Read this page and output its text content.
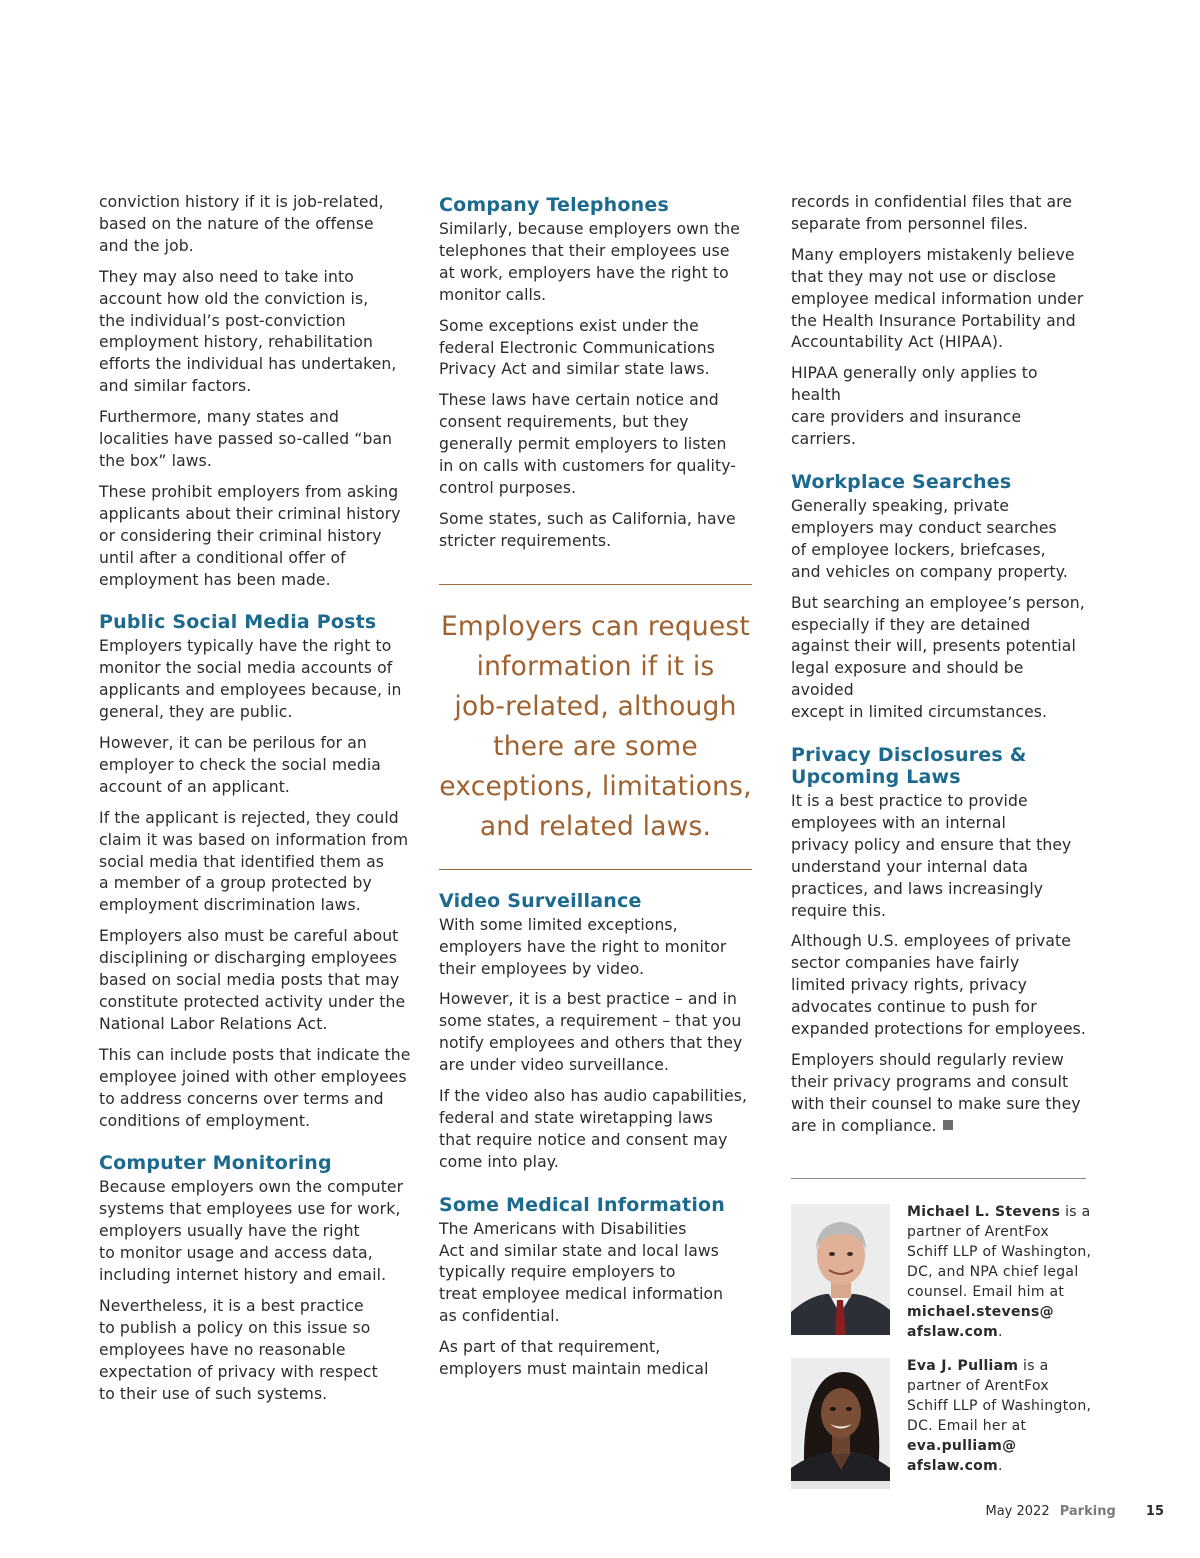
conviction history if it is job-related,
based on the nature of the offense
and the job.

They may also need to take into
account how old the conviction is,
the individual’s post-conviction
employment history, rehabilitation
efforts the individual has undertaken,
and similar factors.

Furthermore, many states and
localities have passed so-called “ban
the box” laws.

These prohibit employers from asking
applicants about their criminal history
or considering their criminal history
until after a conditional offer of
employment has been made.

Public Social Media Posts

Employers typically have the right to
monitor the social media accounts of
applicants and employees because, in
general, they are public.

However, it can be perilous for an
employer to check the social media
account of an applicant.

If the applicant is rejected, they could
claim it was based on information from
social media that identified them as
a member of a group protected by
employment discrimination laws.

Employers also must be careful about
disciplining or discharging employees
based on social media posts that may
constitute protected activity under the
National Labor Relations Act.

This can include posts that indicate the
employee joined with other employees
to address concerns over terms and
conditions of employment.

Computer Monitoring

Because employers own the computer
systems that employees use for work,
employers usually have the right
to monitor usage and access data,
including internet history and email.

Nevertheless, it is a best practice
to publish a policy on this issue so
employees have no reasonable
expectation of privacy with respect
to their use of such systems.

Company Telephones

Similarly, because employers own the
telephones that their employees use
at work, employers have the right to
monitor calls.

Some exceptions exist under the
federal Electronic Communications
Privacy Act and similar state laws.

These laws have certain notice and
consent requirements, but they
generally permit employers to listen
in on calls with customers for quality-
control purposes.

Some states, such as California, have
stricter requirements.

Employers can request
information if it is
job-related, although
there are some
exceptions, limitations,
and related laws.
Video Surveillance

With some limited exceptions,
employers have the right to monitor
their employees by video.

However, it is a best practice – and in
some states, a requirement – that you
notify employees and others that they
are under video surveillance.

If the video also has audio capabilities,
federal and state wiretapping laws
that require notice and consent may
come into play.

Some Medical Information

The Americans with Disabilities
Act and similar state and local laws
typically require employers to
treat employee medical information
as confidential.

As part of that requirement,
employers must maintain medical

records in confidential files that are
separate from personnel files.

Many employers mistakenly believe
that they may not use or disclose
employee medical information under
the Health Insurance Portability and
Accountability Act (HIPAA).

HIPAA generally only applies to health
care providers and insurance carriers.

Workplace Searches

Generally speaking, private
employers may conduct searches
of employee lockers, briefcases,
and vehicles on company property.

But searching an employee’s person,
especially if they are detained
against their will, presents potential
legal exposure and should be avoided
except in limited circumstances.

Privacy Disclosures &
Upcoming Laws

It is a best practice to provide
employees with an internal
privacy policy and ensure that they
understand your internal data
practices, and laws increasingly
require this.

Although U.S. employees of private
sector companies have fairly
limited privacy rights, privacy
advocates continue to push for
expanded protections for employees.

Employers should regularly review
their privacy programs and consult
with their counsel to make sure they
are in compliance.

Michael L. Stevens is a partner of ArentFox Schiff LLP of Washington, DC, and NPA chief legal counsel. Email him at michael.stevens@ afslaw.com.
Eva J. Pulliam is a partner of ArentFox Schiff LLP of Washington, DC. Email her at eva.pulliam@ afslaw.com.
May 2022 Parking 15
